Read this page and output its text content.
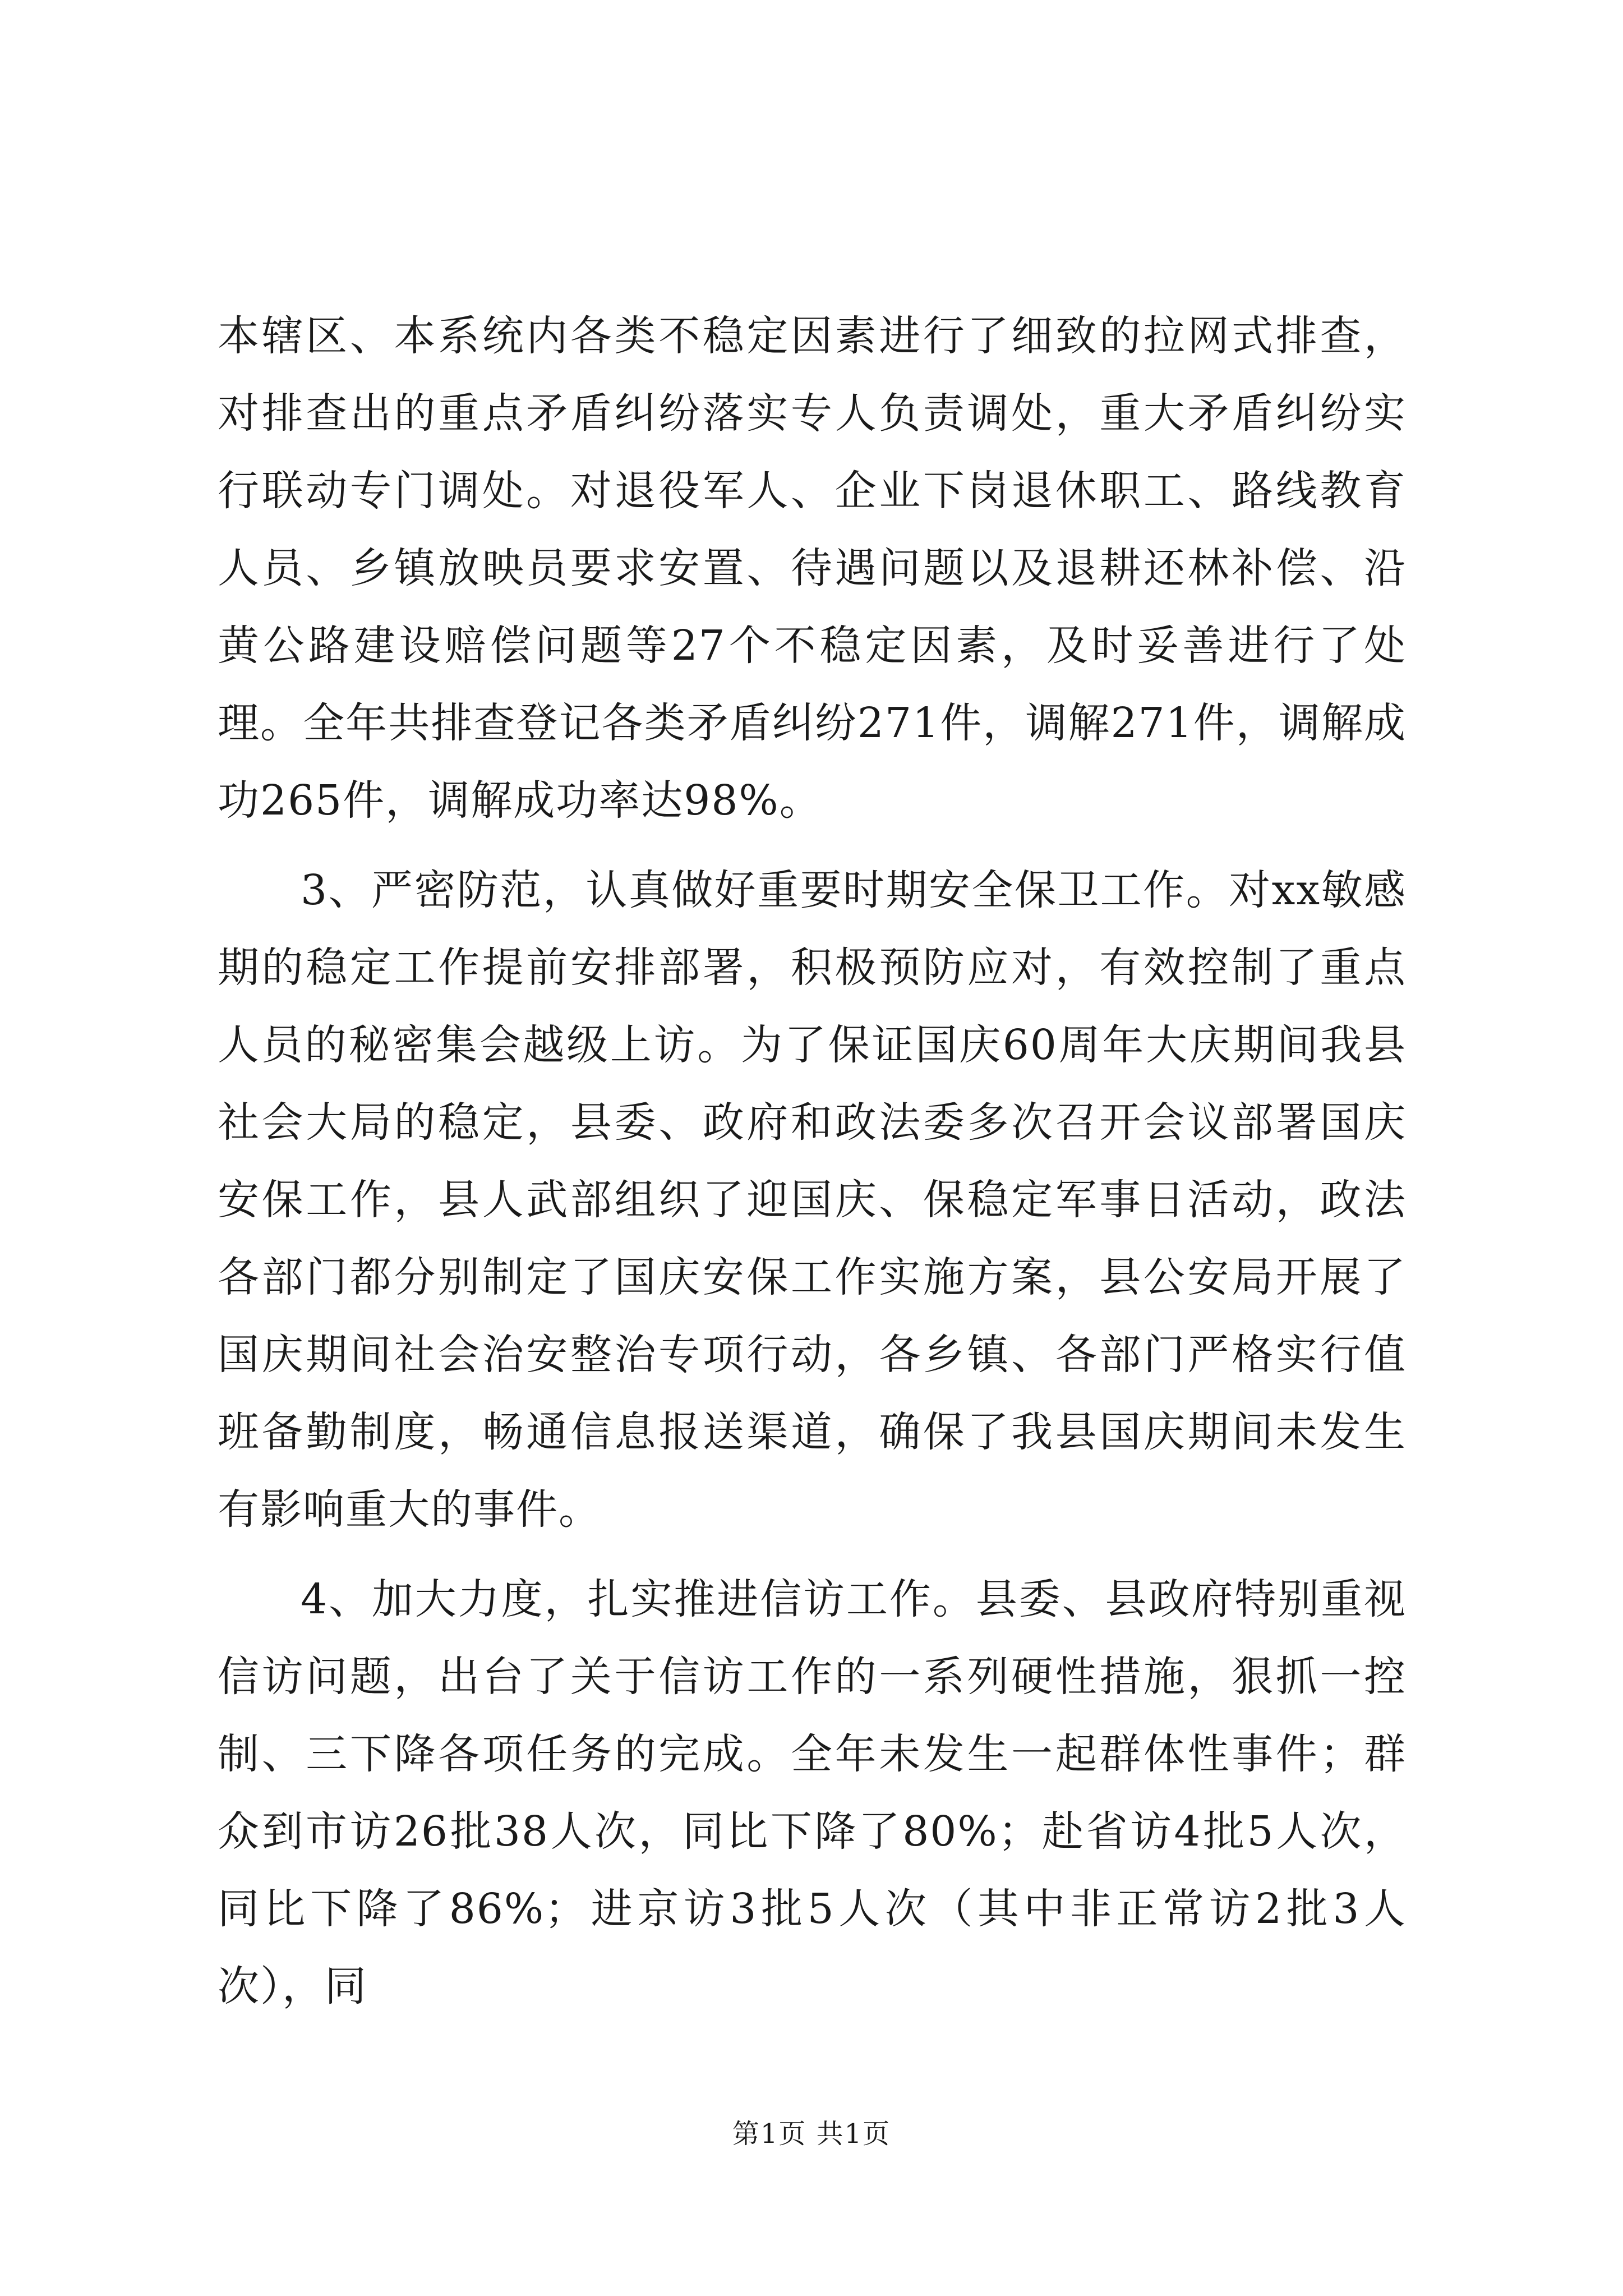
本辖区、本系统内各类不稳定因素进行了细致的拉网式排查，对排查出的重点矛盾纠纷落实专人负责调处，重大矛盾纠纷实行联动专门调处。对退役军人、企业下岗退休职工、路线教育人员、乡镇放映员要求安置、待遇问题以及退耕还林补偿、沿黄公路建设赔偿问题等27个不稳定因素，及时妥善进行了处理。全年共排查登记各类矛盾纠纷271件，调解271件，调解成功265件，调解成功率达98%。

3、严密防范，认真做好重要时期安全保卫工作。对xx敏感期的稳定工作提前安排部署，积极预防应对，有效控制了重点人员的秘密集会越级上访。为了保证国庆60周年大庆期间我县社会大局的稳定，县委、政府和政法委多次召开会议部署国庆安保工作，县人武部组织了迎国庆、保稳定军事日活动，政法各部门都分别制定了国庆安保工作实施方案，县公安局开展了国庆期间社会治安整治专项行动，各乡镇、各部门严格实行值班备勤制度，畅通信息报送渠道，确保了我县国庆期间未发生有影响重大的事件。

4、加大力度，扎实推进信访工作。县委、县政府特别重视信访问题，出台了关于信访工作的一系列硬性措施，狠抓一控制、三下降各项任务的完成。全年未发生一起群体性事件；群众到市访26批38人次，同比下降了80%；赴省访4批5人次，同比下降了86%；进京访3批5人次（其中非正常访2批3人次），同

第1页 共1页
